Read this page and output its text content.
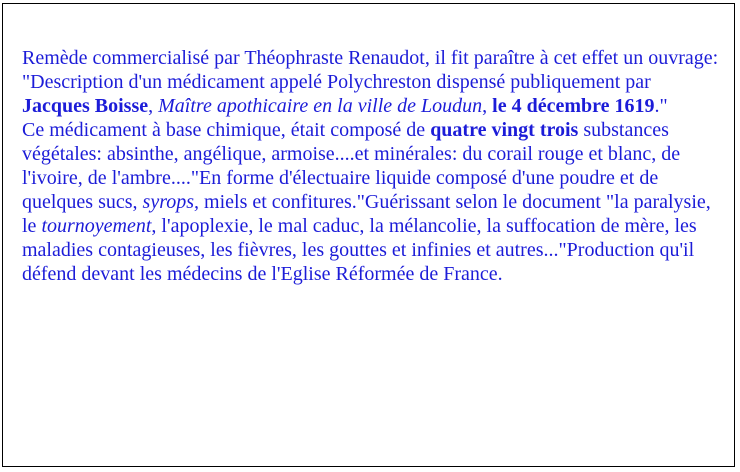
Remède commercialisé par Théophraste Renaudot, il fit paraître à cet effet un ouvrage:

"Description d'un médicament appelé Polychreston dispensé publiquement par Jacques Boisse, Maître apothicaire en la ville de Loudun, le 4 décembre 1619."

Ce médicament à base chimique, était composé de quatre vingt trois substances végétales: absinthe, angélique, armoise....et minérales: du corail rouge et blanc, de l'ivoire, de l'ambre...."En forme d'électuaire liquide composé d'une poudre et de quelques sucs, syrops, miels et confitures."Guérissant selon le document "la paralysie, le tournoyement, l'apoplexie, le mal caduc, la mélancolie, la suffocation de mère, les maladies contagieuses, les fièvres, les gouttes et infinies et autres..."Production qu'il défend devant les médecins de l'Eglise Réformée de France.
